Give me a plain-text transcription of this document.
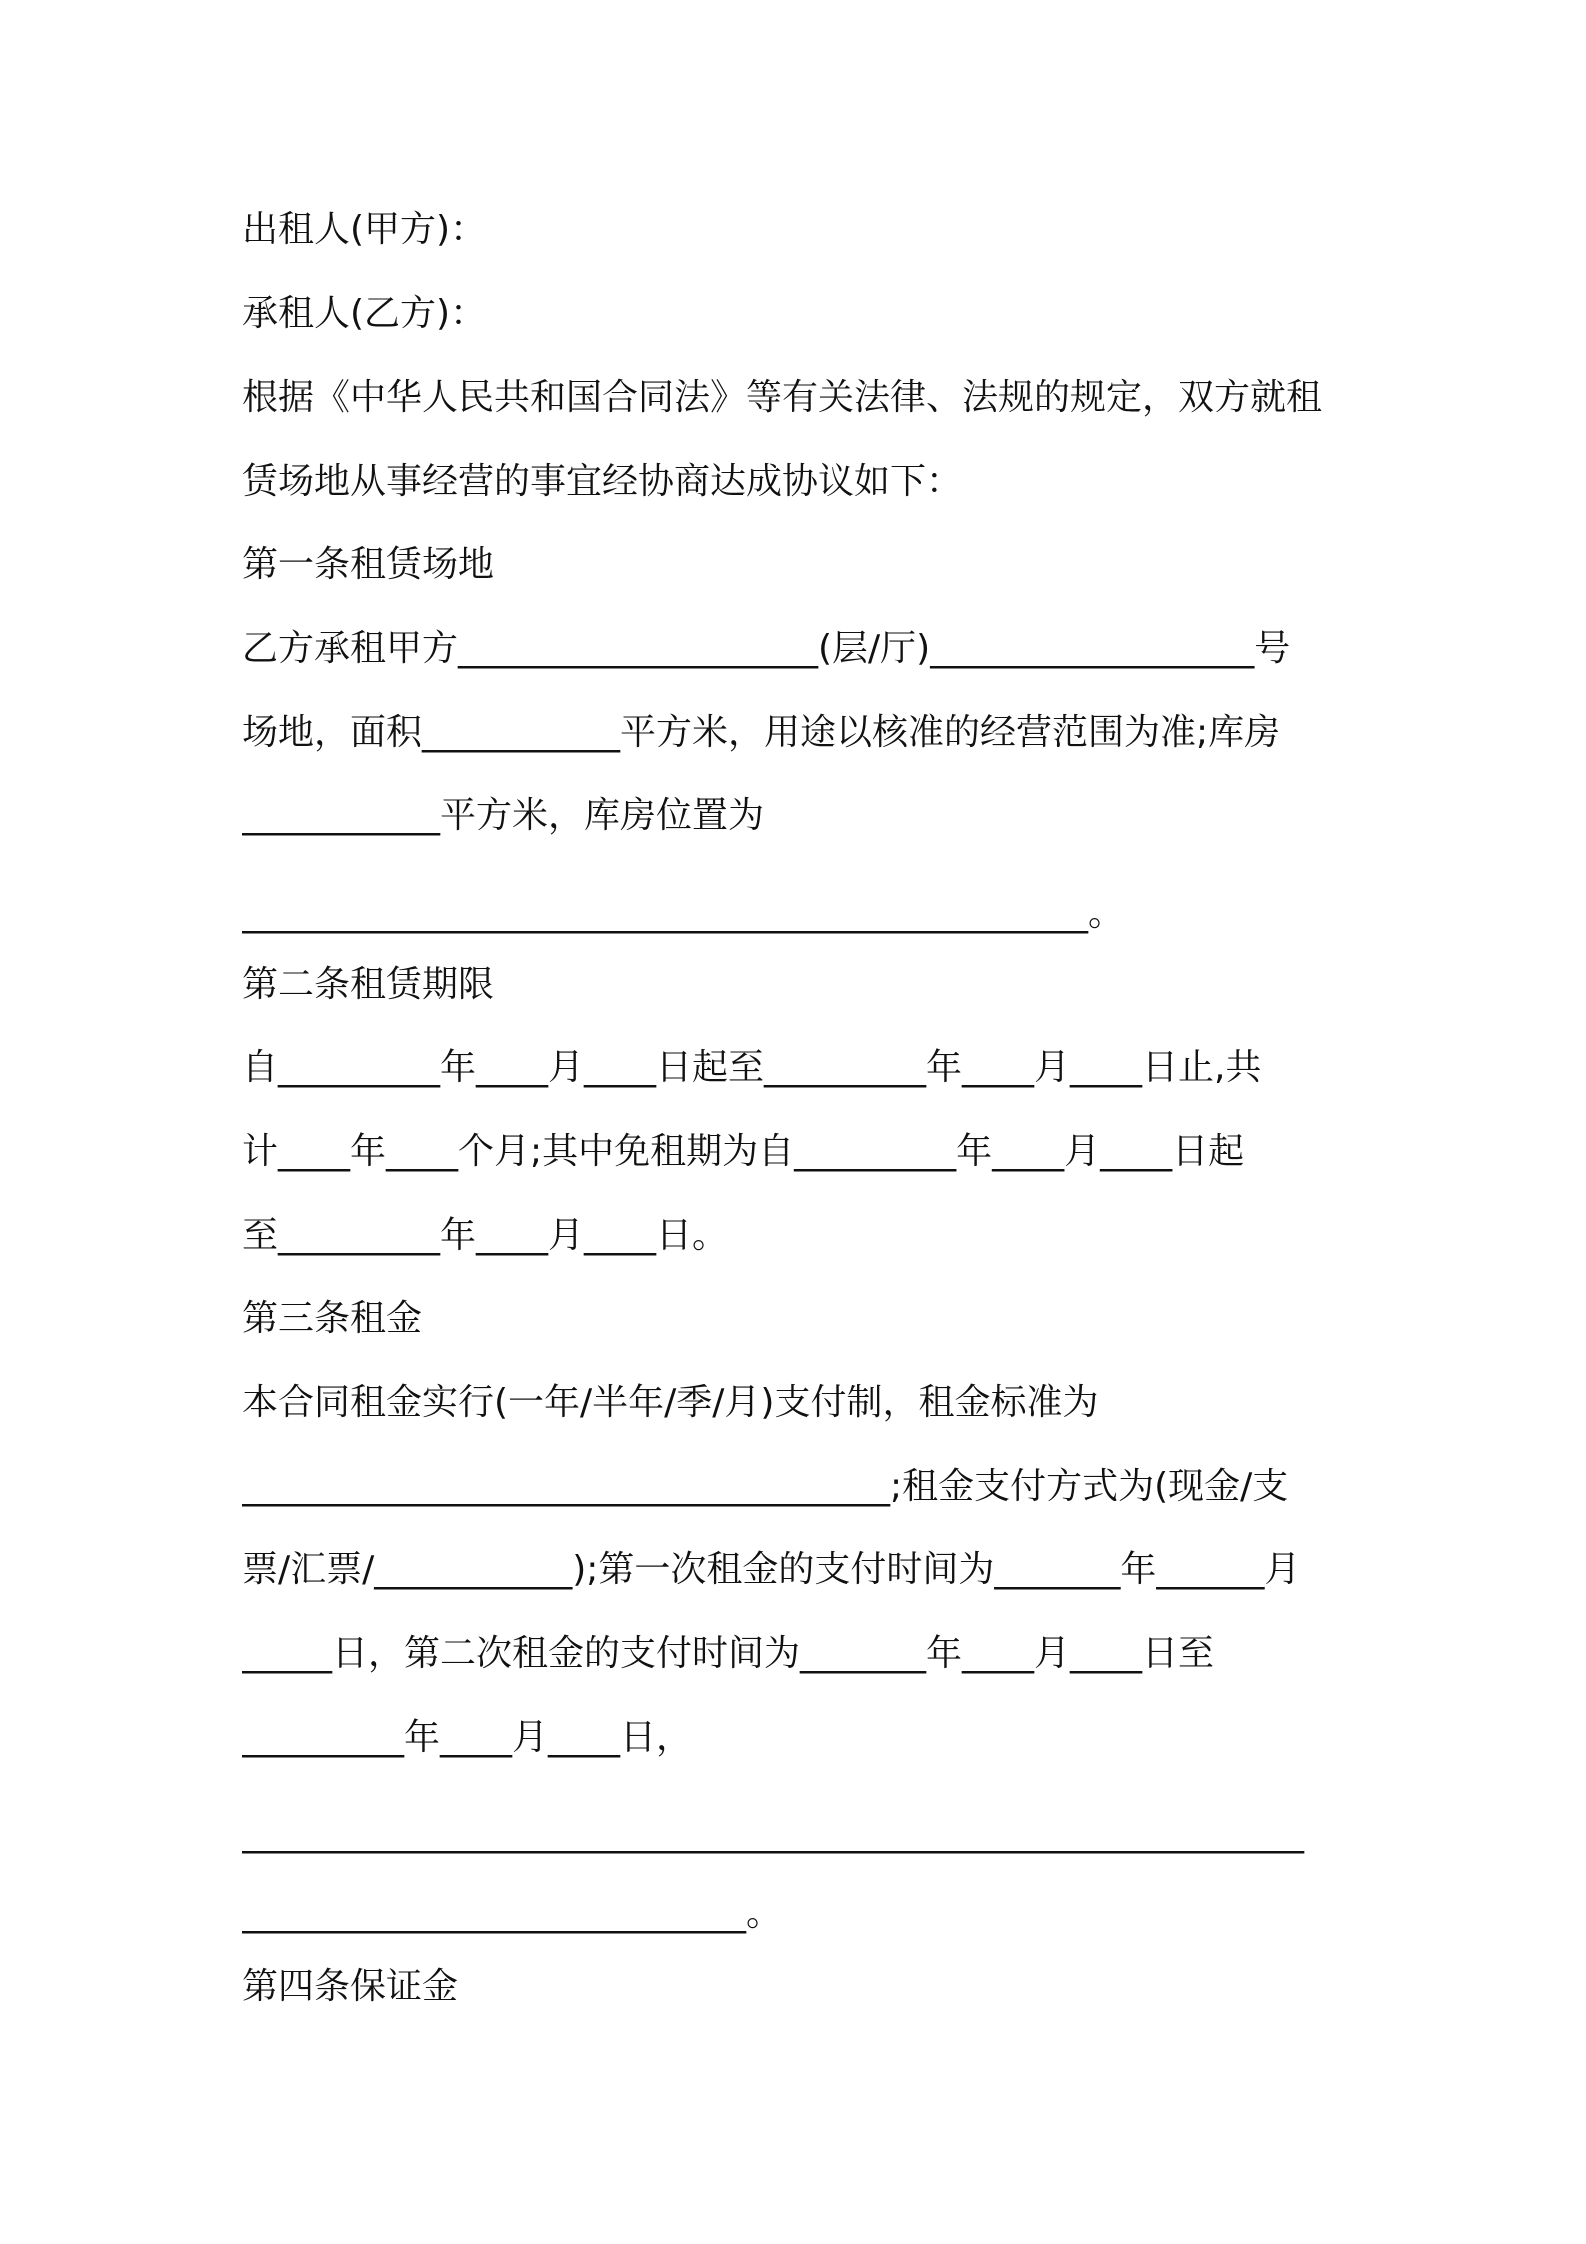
出租人(甲方)：
承租人(乙方)：
根据《中华人民共和国合同法》等有关法律、法规的规定，双方就租
赁场地从事经营的事宜经协商达成协议如下：
第一条租赁场地
乙方承租甲方____________________(层/厅)__________________号
场地，面积___________平方米，用途以核准的经营范围为准;库房
___________平方米，库房位置为
_______________________________________________。
第二条租赁期限
自_________年____月____日起至_________年____月____日止,共
计____年____个月;其中免租期为自_________年____月____日起
至_________年____月____日。
第三条租金
本合同租金实行(一年/半年/季/月)支付制，租金标准为
____________________________________;租金支付方式为(现金/支
票/汇票/___________);第一次租金的支付时间为_______年______月
_____日，第二次租金的支付时间为_______年____月____日至
_________年____月____日，
___________________________________________________________
____________________________。
第四条保证金
